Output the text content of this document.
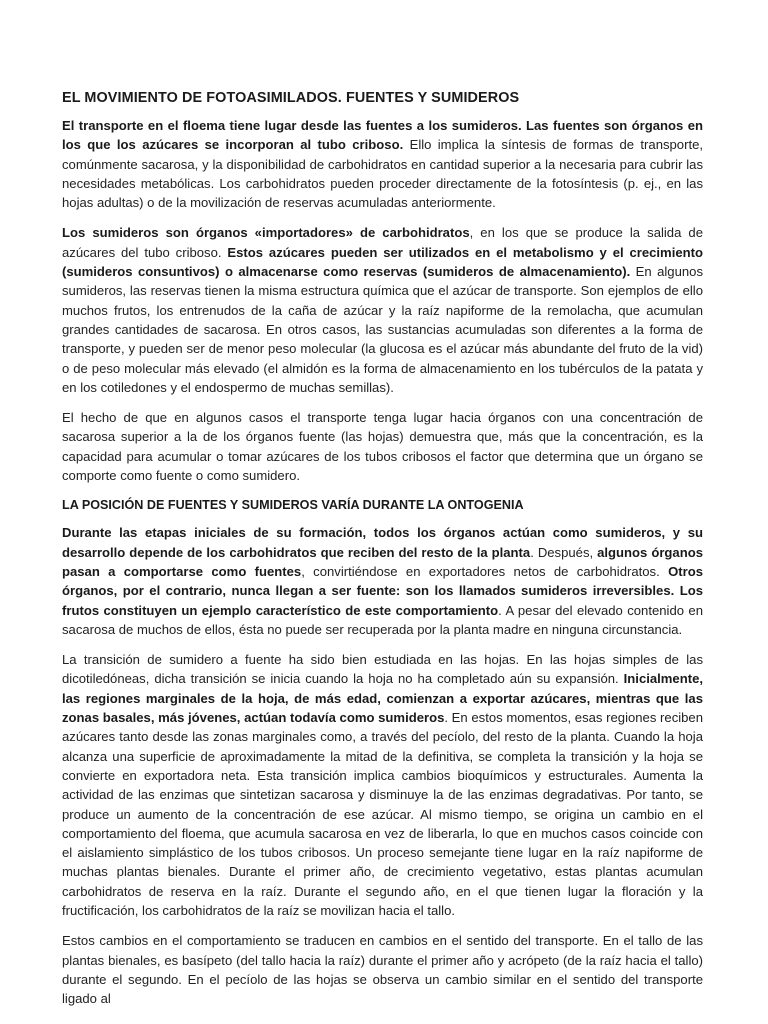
EL MOVIMIENTO DE FOTOASIMILADOS. FUENTES Y SUMIDEROS

El transporte en el floema tiene lugar desde las fuentes a los sumideros. Las fuentes son órganos en los que los azúcares se incorporan al tubo criboso. Ello implica la síntesis de formas de transporte, comúnmente sacarosa, y la disponibilidad de carbohidratos en cantidad superior a la necesaria para cubrir las necesidades metabólicas. Los carbohidratos pueden proceder directamente de la fotosíntesis (p. ej., en las hojas adultas) o de la movilización de reservas acumuladas anteriormente.

Los sumideros son órganos «importadores» de carbohidratos, en los que se produce la salida de azúcares del tubo criboso. Estos azúcares pueden ser utilizados en el metabolismo y el crecimiento (sumideros consuntivos) o almacenarse como reservas (sumideros de almacenamiento). En algunos sumideros, las reservas tienen la misma estructura química que el azúcar de transporte. Son ejemplos de ello muchos frutos, los entrenudos de la caña de azúcar y la raíz napiforme de la remolacha, que acumulan grandes cantidades de sacarosa. En otros casos, las sustancias acumuladas son diferentes a la forma de transporte, y pueden ser de menor peso molecular (la glucosa es el azúcar más abundante del fruto de la vid) o de peso molecular más elevado (el almidón es la forma de almacenamiento en los tubérculos de la patata y en los cotiledones y el endospermo de muchas semillas).

El hecho de que en algunos casos el transporte tenga lugar hacia órganos con una concentración de sacarosa superior a la de los órganos fuente (las hojas) demuestra que, más que la concentración, es la capacidad para acumular o tomar azúcares de los tubos cribosos el factor que determina que un órgano se comporte como fuente o como sumidero.

LA POSICIÓN DE FUENTES Y SUMIDEROS VARÍA DURANTE LA ONTOGENIA

Durante las etapas iniciales de su formación, todos los órganos actúan como sumideros, y su desarrollo depende de los carbohidratos que reciben del resto de la planta. Después, algunos órganos pasan a comportarse como fuentes, convirtiéndose en exportadores netos de carbohidratos. Otros órganos, por el contrario, nunca llegan a ser fuente: son los llamados sumideros irreversibles. Los frutos constituyen un ejemplo característico de este comportamiento. A pesar del elevado contenido en sacarosa de muchos de ellos, ésta no puede ser recuperada por la planta madre en ninguna circunstancia.

La transición de sumidero a fuente ha sido bien estudiada en las hojas. En las hojas simples de las dicotiledóneas, dicha transición se inicia cuando la hoja no ha completado aún su expansión. Inicialmente, las regiones marginales de la hoja, de más edad, comienzan a exportar azúcares, mientras que las zonas basales, más jóvenes, actúan todavía como sumideros. En estos momentos, esas regiones reciben azúcares tanto desde las zonas marginales como, a través del pecíolo, del resto de la planta. Cuando la hoja alcanza una superficie de aproximadamente la mitad de la definitiva, se completa la transición y la hoja se convierte en exportadora neta. Esta transición implica cambios bioquímicos y estructurales. Aumenta la actividad de las enzimas que sintetizan sacarosa y disminuye la de las enzimas degradativas. Por tanto, se produce un aumento de la concentración de ese azúcar. Al mismo tiempo, se origina un cambio en el comportamiento del floema, que acumula sacarosa en vez de liberarla, lo que en muchos casos coincide con el aislamiento simplástico de los tubos cribosos. Un proceso semejante tiene lugar en la raíz napiforme de muchas plantas bienales. Durante el primer año, de crecimiento vegetativo, estas plantas acumulan carbohidratos de reserva en la raíz. Durante el segundo año, en el que tienen lugar la floración y la fructificación, los carbohidratos de la raíz se movilizan hacia el tallo.

Estos cambios en el comportamiento se traducen en cambios en el sentido del transporte. En el tallo de las plantas bienales, es basípeto (del tallo hacia la raíz) durante el primer año y acrópeto (de la raíz hacia el tallo) durante el segundo. En el pecíolo de las hojas se observa un cambio similar en el sentido del transporte ligado al
